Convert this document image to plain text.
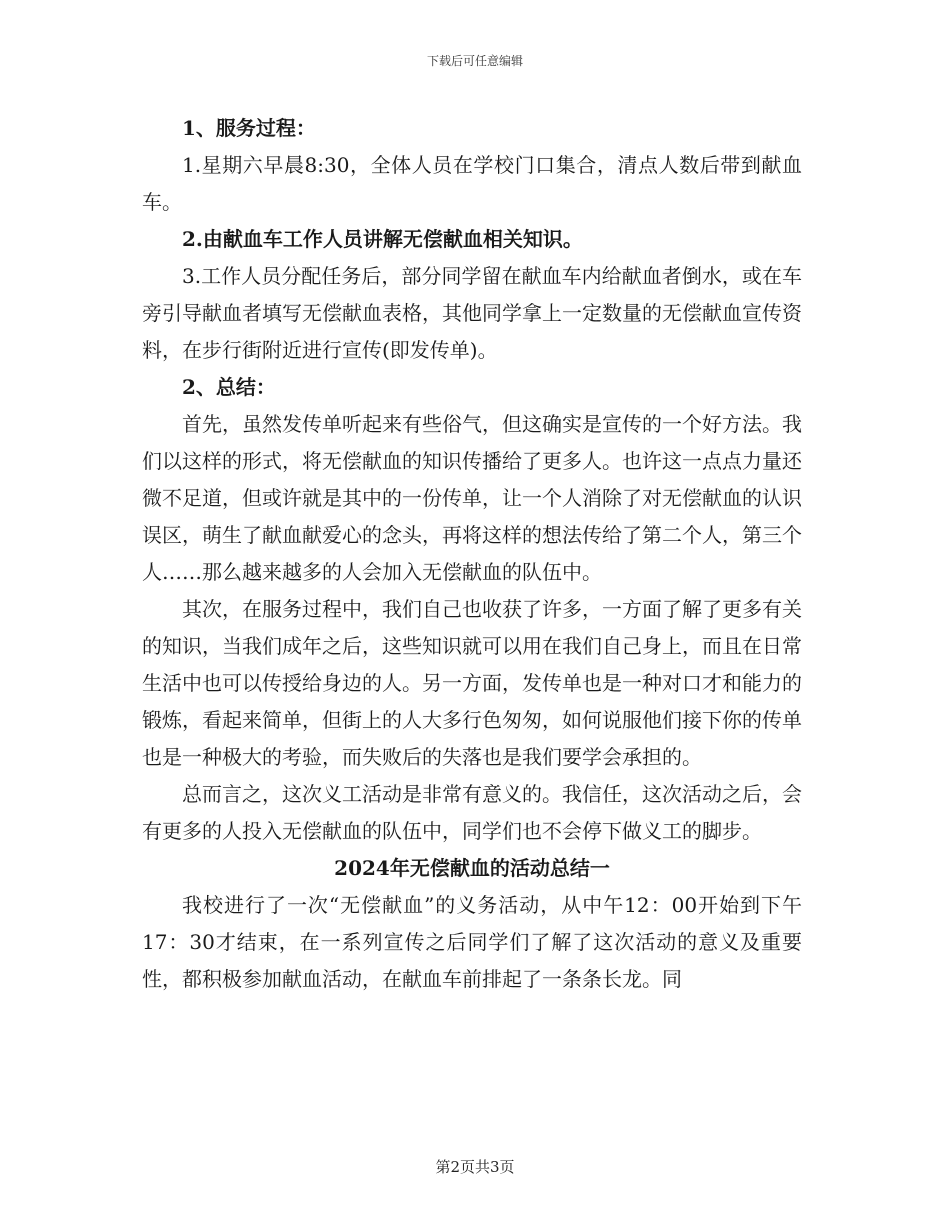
下载后可任意编辑

1、服务过程：

1.星期六早晨8:30，全体人员在学校门口集合，清点人数后带到献血车。

2.由献血车工作人员讲解无偿献血相关知识。

3.工作人员分配任务后，部分同学留在献血车内给献血者倒水，或在车旁引导献血者填写无偿献血表格，其他同学拿上一定数量的无偿献血宣传资料，在步行街附近进行宣传(即发传单)。

2、总结：

首先，虽然发传单听起来有些俗气，但这确实是宣传的一个好方法。我们以这样的形式，将无偿献血的知识传播给了更多人。也许这一点点力量还微不足道，但或许就是其中的一份传单，让一个人消除了对无偿献血的认识误区，萌生了献血献爱心的念头，再将这样的想法传给了第二个人，第三个人……那么越来越多的人会加入无偿献血的队伍中。

其次，在服务过程中，我们自己也收获了许多，一方面了解了更多有关的知识，当我们成年之后，这些知识就可以用在我们自己身上，而且在日常生活中也可以传授给身边的人。另一方面，发传单也是一种对口才和能力的锻炼，看起来简单，但街上的人大多行色匆匆，如何说服他们接下你的传单也是一种极大的考验，而失败后的失落也是我们要学会承担的。

总而言之，这次义工活动是非常有意义的。我信任，这次活动之后，会有更多的人投入无偿献血的队伍中，同学们也不会停下做义工的脚步。

2024年无偿献血的活动总结一

我校进行了一次“无偿献血”的义务活动，从中午12：00开始到下午17：30才结束，在一系列宣传之后同学们了解了这次活动的意义及重要性，都积极参加献血活动，在献血车前排起了一条条长龙。同

第2页共3页
